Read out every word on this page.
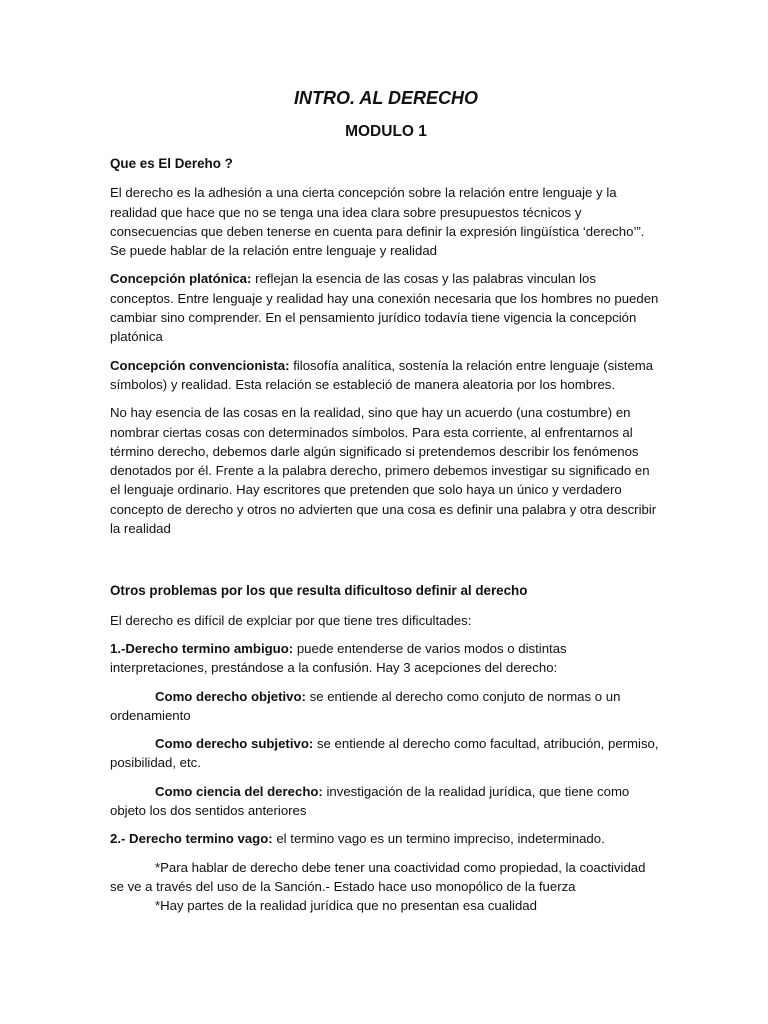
INTRO. AL DERECHO
MODULO 1
Que es El Dereho ?

El derecho es la adhesión a una cierta concepción sobre la relación entre lenguaje y la realidad que hace que no se tenga una idea clara sobre presupuestos técnicos y consecuencias que deben tenerse en cuenta para definir la expresión lingüística ‘derecho’”. Se puede hablar de la relación entre lenguaje y realidad

Concepción platónica: reflejan la esencia de las cosas y las palabras vinculan los conceptos. Entre lenguaje y realidad hay una conexión necesaria que los hombres no pueden cambiar sino comprender. En el pensamiento jurídico todavía tiene vigencia la concepción platónica

Concepción convencionista: filosofía analítica, sostenía la relación entre lenguaje (sistema símbolos) y realidad. Esta relación se estableció de manera aleatoria por los hombres.

No hay esencia de las cosas en la realidad, sino que hay un acuerdo (una costumbre) en nombrar ciertas cosas con determinados símbolos. Para esta corriente, al enfrentarnos al término derecho, debemos darle algún significado si pretendemos describir los fenómenos denotados por él. Frente a la palabra derecho, primero debemos investigar su significado en el lenguaje ordinario. Hay escritores que pretenden que solo haya un único y verdadero concepto de derecho y otros no advierten que una cosa es definir una palabra y otra describir la realidad

Otros problemas por los que resulta dificultoso definir al derecho

El derecho es difícil de explciar por que tiene tres dificultades:

1.-Derecho termino ambiguo: puede entenderse de varios modos o distintas interpretaciones, prestándose a la confusión. Hay 3 acepciones del derecho:

Como derecho objetivo: se entiende al derecho como conjuto de normas o un ordenamiento

Como derecho subjetivo: se entiende al derecho como facultad, atribución, permiso, posibilidad, etc.

Como ciencia del derecho: investigación de la realidad jurídica, que tiene como objeto los dos sentidos anteriores

2.- Derecho termino vago: el termino vago es un termino impreciso, indeterminado.

*Para hablar de derecho debe tener una coactividad como propiedad, la coactividad se ve a través del uso de la Sanción.- Estado hace uso monopólico de la fuerza

*Hay partes de la realidad jurídica que no presentan esa cualidad
